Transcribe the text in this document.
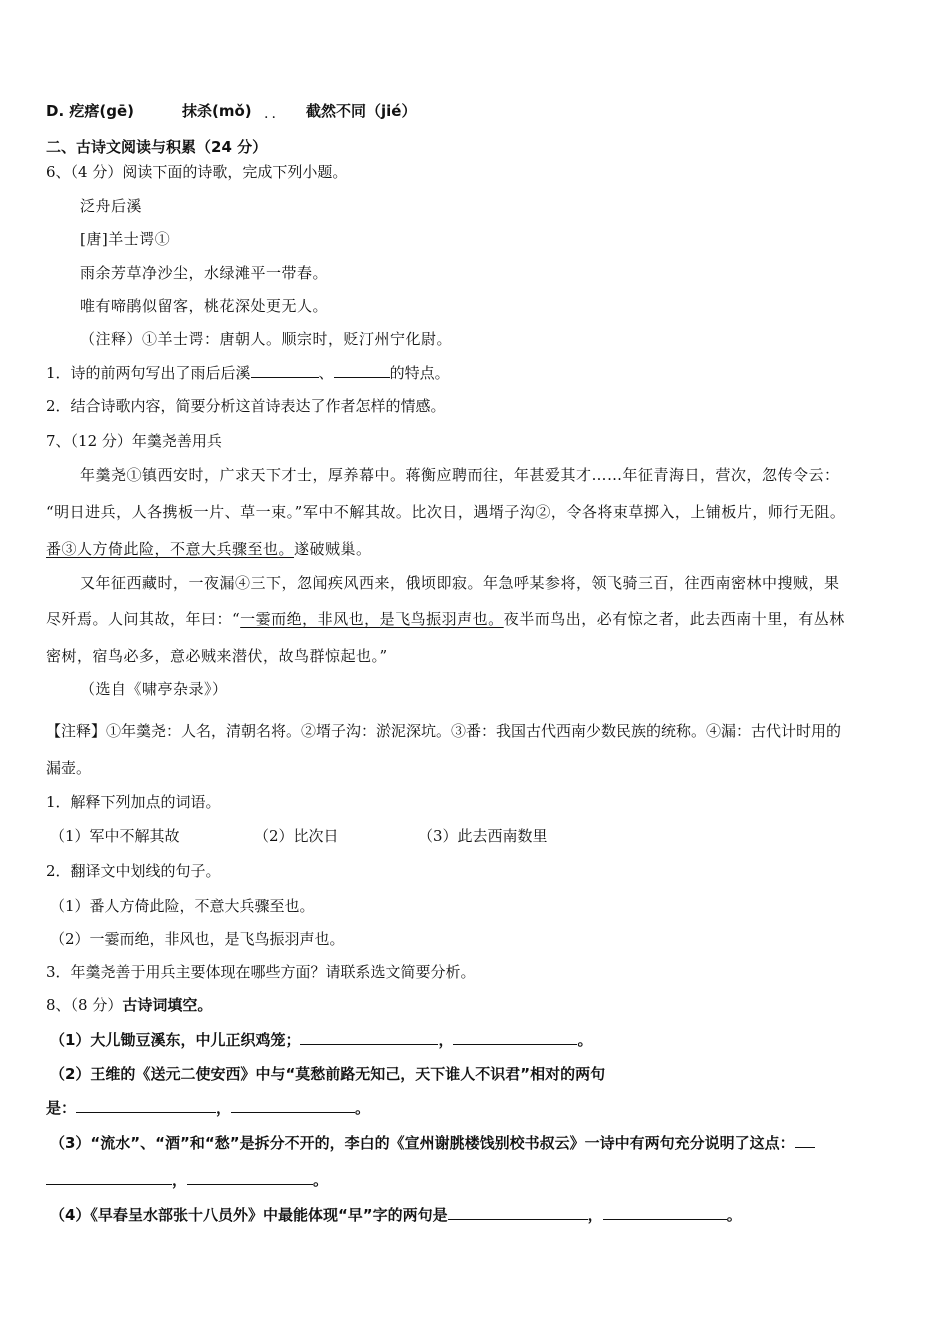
D. 疙瘩(gē)	抹杀(mǒ) .. 截然不同（jié）
二、古诗文阅读与积累（24 分）
6、（4 分）阅读下面的诗歌，完成下列小题。
泛舟后溪
[唐]羊士谔①
雨余芳草净沙尘，水绿滩平一带春。
唯有啼鹃似留客，桃花深处更无人。
（注释）①羊士谔：唐朝人。顺宗时，贬汀州宁化尉。
1．诗的前两句写出了雨后后溪	、	的特点。
2．结合诗歌内容，简要分析这首诗表达了作者怎样的情感。
7、（12 分）年羹尧善用兵
年羹尧①镇西安时，广求天下才士，厚养幕中。蒋衡应聘而往，年甚爱其才……年征青海日，营次，忽传令云：
“明日进兵，人各携板一片、草一束。”军中不解其故。比次日，遇壻子沟②，令各将束草掷入，上铺板片，师行无阻。
番③人方倚此险，不意大兵骤至也。遂破贼巢。
又年征西藏时，一夜漏④三下，忽闻疾风西来，俄顷即寂。年急呼某参将，领飞骑三百，往西南密林中搜贼，果
尽歼焉。人问其故，年曰：“一霎而绝，非风也，是飞鸟振羽声也。夜半而鸟出，必有惊之者，此去西南十里，有丛林
密树，宿鸟必多，意必贼来潜伏，故鸟群惊起也。”
（选自《啸亭杂录》）
【注释】①年羹尧：人名，清朝名将。②壻子沟：淤泥深坑。③番：我国古代西南少数民族的统称。④漏：古代计时用的
漏壶。
1．解释下列加点的词语。
（1）军中不解其故	（2）比次日	（3）此去西南数里
2．翻译文中划线的句子。
（1）番人方倚此险，不意大兵骤至也。
（2）一霎而绝，非风也，是飞鸟振羽声也。
3．年羹尧善于用兵主要体现在哪些方面？请联系选文简要分析。
8、（8 分）古诗词填空。
（1）大儿锄豆溪东，中儿正织鸡笼；	，	。
（2）王维的《送元二使安西》中与“莫愁前路无知己，天下谁人不识君”相对的两句
是：	，	。
（3）“流水”、“酒”和“愁”是拆分不开的，李白的《宣州谢朓楼饯别校书叔云》一诗中有两句充分说明了这点：
，	。
（4）《早春呈水部张十八员外》中最能体现“早”字的两句是	，	。
